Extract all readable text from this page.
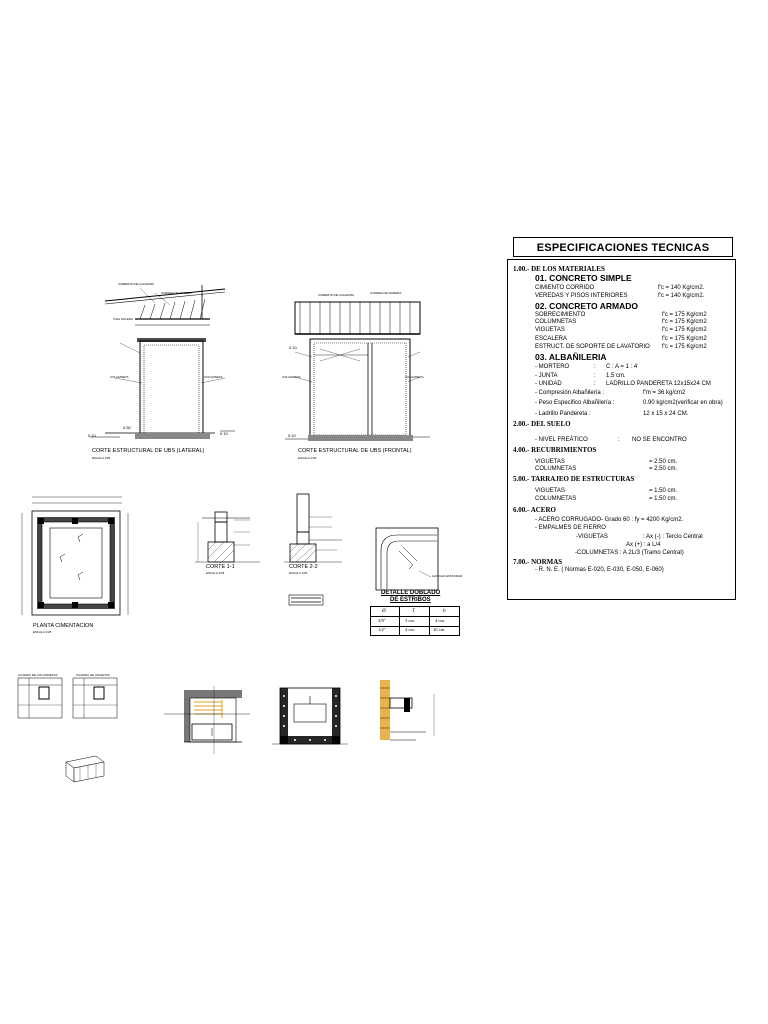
ESPECIFICACIONES TECNICAS
1.00.- DE LOS MATERIALES
01. CONCRETO SIMPLE
CIMIENTO CORRIDO	f'c = 140 Kg/cm2.
VEREDAS Y PISOS INTERIORES	f'c = 140 Kg/cm2.
02. CONCRETO ARMADO
SOBRECIMIENTO	f'c = 175 Kg/cm2
COLUMNETAS	f'c = 175 Kg/cm2
VIGUETAS	f'c = 175 Kg/cm2
ESCALERA	f'c = 175 Kg/cm2
ESTRUCT. DE SOPORTE DE LAVATORIO f'c = 175 Kg/cm2
03. ALBAÑILERIA
- MORTERO	: C : A = 1 : 4
- JUNTA	: 1.5 cm.
- UNIDAD	: LADRILLO PANDERETA 12x15x24 CM
- Compresión Albañilería :	f'm = 36 kg/cm2
- Peso Especifico Albañilería :	0.90 kg/cm2(verificar en obra)
- Ladrillo Pandereta :	12 x 15 x 24 CM.
2.00.- DEL SUELO
- NIVEL FREÁTICO	: NO SE ENCONTRO
4.00.- RECUBRIMIENTOS
VIGUETAS	= 2.50 cm.
COLUMNETAS	= 2.50 cm.
5.00.- TARRAJEO DE ESTRUCTURAS
VIGUETAS	= 1.50 cm.
COLUMNETAS	= 1.50 cm.
6.00.- ACERO
- ACERO CORRUGADO- Grado 60 : fy = 4200 Kg/cm2.
- EMPALMES DE FIERRO
-VIGUETAS	: Ax (-) : Tercio Central
Ax (+) : a L/4
-COLUMNETAS : A 2L/3 (Tramo Central)
7.00.- NORMAS
- R. N. E. ( Normas E-020, E-030, E-050, E-060)
CUBIERTA DE CALAMINA
CORREA DE MADERA
VIGA SOLERA
COLUMNETA	COLUMNETA
0.50
0.10	0.10
CORTE ESTRUCTURAL DE UBS (LATERAL)
ESCALA 1/25
CUBIERTA DE CALAMINA	CORREA DE MADERA
0.10
COLUMNETA	COLUMNETA
0.10
CORTE ESTRUCTURAL DE UBS (FRONTAL)
ESCALA 1/25
PLANTA CIMENTACION
ESCALA 1/25
CORTE 1-1
ESCALA 1/25
CORTE 2-2
ESCALA 1/25
GANCHO ESTANDAR
DETALLE DOBLADO
DE ESTRIBOS
Ø	T	b
3/8"	3 cm.	4 cm.
1/2"	4 cm.	10 cm.
CUADRO DE COLUMNETAS	CUADRO DE VIGUETAS
